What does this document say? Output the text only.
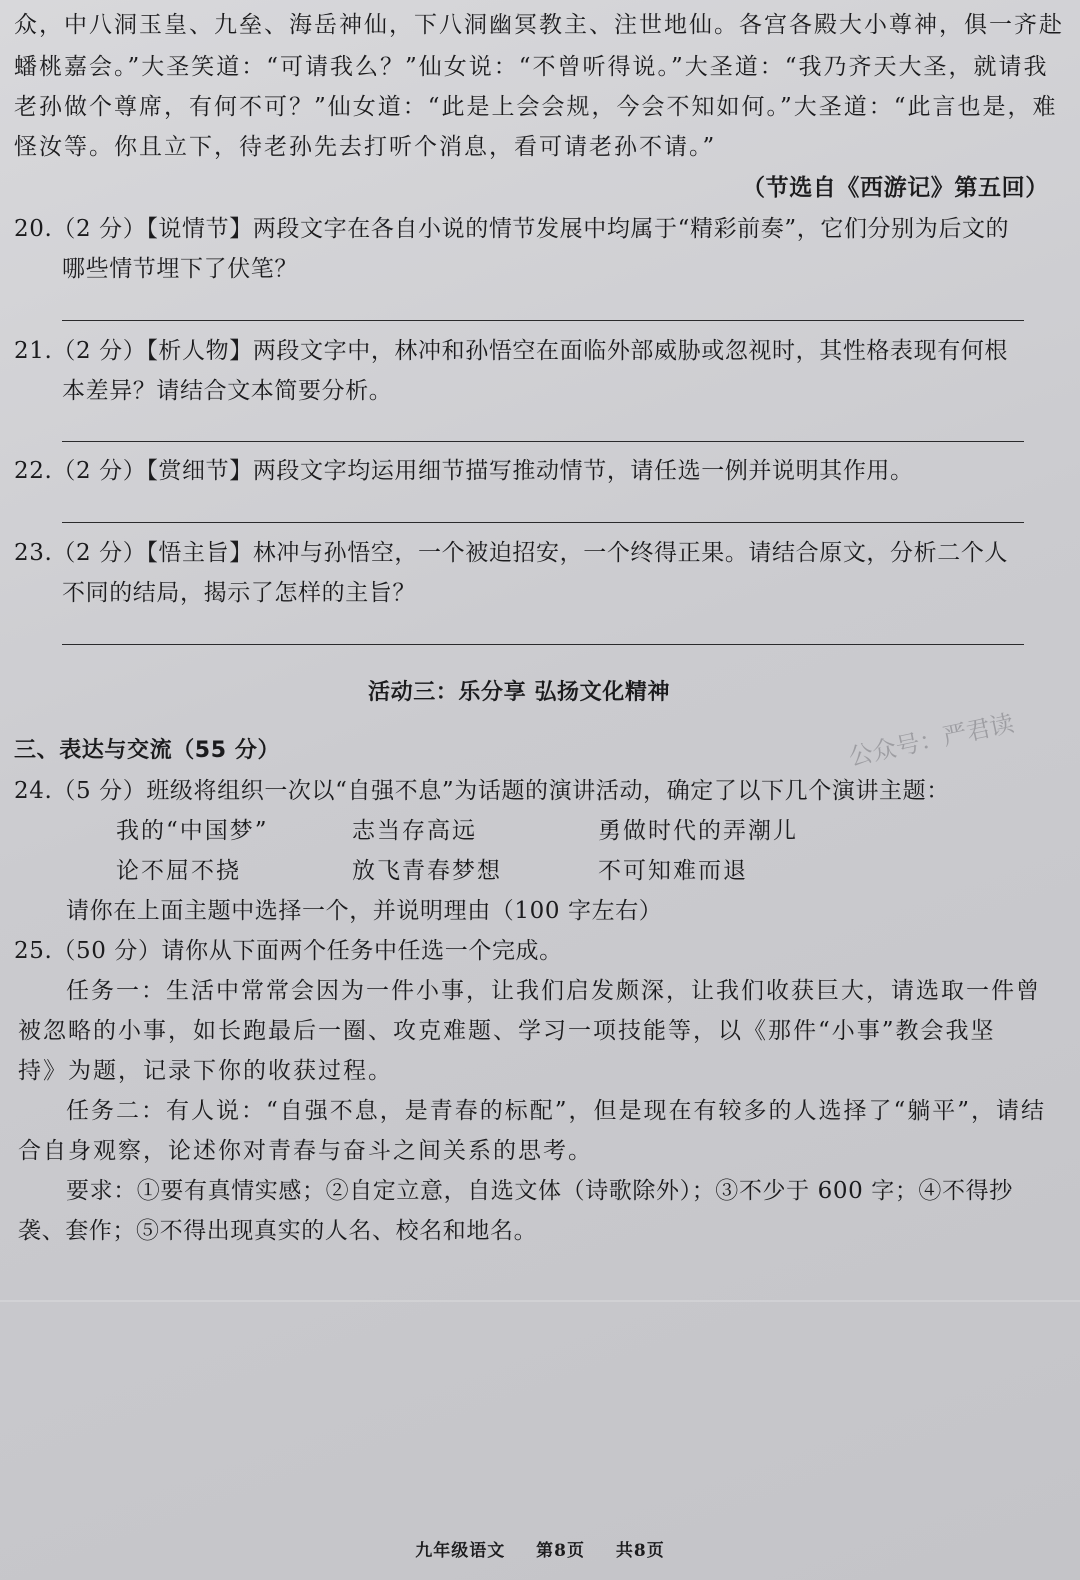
众，中八洞玉皇、九垒、海岳神仙，下八洞幽冥教主、注世地仙。各宫各殿大小尊神，俱一齐赴
蟠桃嘉会。”大圣笑道：“可请我么？”仙女说：“不曾听得说。”大圣道：“我乃齐天大圣，就请我
老孙做个尊席，有何不可？”仙女道：“此是上会会规，今会不知如何。”大圣道：“此言也是，难
怪汝等。你且立下，待老孙先去打听个消息，看可请老孙不请。”
（节选自《西游记》第五回）
20.（2 分）【说情节】两段文字在各自小说的情节发展中均属于“精彩前奏”，它们分别为后文的
哪些情节埋下了伏笔？
21.（2 分）【析人物】两段文字中，林冲和孙悟空在面临外部威胁或忽视时，其性格表现有何根
本差异？请结合文本简要分析。
22.（2 分）【赏细节】两段文字均运用细节描写推动情节，请任选一例并说明其作用。
23.（2 分）【悟主旨】林冲与孙悟空，一个被迫招安，一个终得正果。请结合原文，分析二个人
不同的结局，揭示了怎样的主旨？
活动三：乐分享 弘扬文化精神
三、表达与交流（55 分）	公众号：严君读
24.（5 分）班级将组织一次以“自强不息”为话题的演讲活动，确定了以下几个演讲主题：
我的“中国梦”	志当存高远	勇做时代的弄潮儿
论不屈不挠	放飞青春梦想	不可知难而退
请你在上面主题中选择一个，并说明理由（100 字左右）
25.（50 分）请你从下面两个任务中任选一个完成。
任务一：生活中常常会因为一件小事，让我们启发颇深，让我们收获巨大，请选取一件曾
被忽略的小事，如长跑最后一圈、攻克难题、学习一项技能等，以《那件“小事”教会我坚
持》为题，记录下你的收获过程。
任务二：有人说：“自强不息，是青春的标配”，但是现在有较多的人选择了“躺平”，请结
合自身观察，论述你对青春与奋斗之间关系的思考。
要求：①要有真情实感；②自定立意，自选文体（诗歌除外）；③不少于 600 字；④不得抄
袭、套作；⑤不得出现真实的人名、校名和地名。
九年级语文 第8页 共8页
